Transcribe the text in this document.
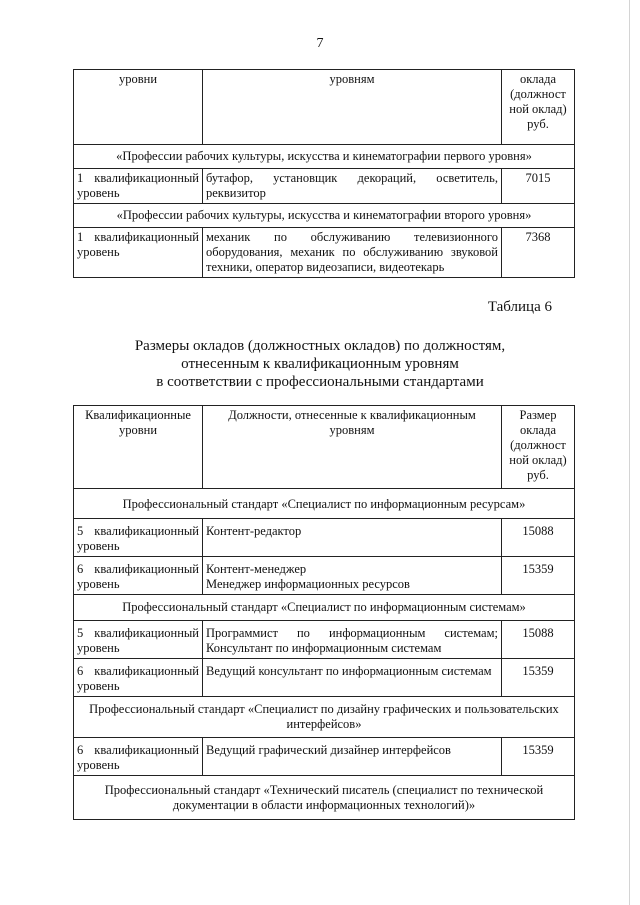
7
уровни	уровням	оклада
(должност
ной оклад)
руб.

«Профессии рабочих культуры, искусства и кинематографии первого уровня»		

1 квалификационный
уровень	бутафор, установщик декораций, осветитель, реквизитор	7015
«Профессии рабочих культуры, искусства и кинематографии второго уровня»		

1 квалификационный
уровень	механик по обслуживанию телевизионного оборудования, механик по обслуживанию звуковой техники, оператор видеозаписи, видеотекарь	7368
Таблица 6
Размеры окладов (должностных окладов) по должностям,
отнесенным к квалификационным уровням
в соответствии с профессиональными стандартами
Квалификационные
уровни	Должности, отнесенные к квалификационным
уровням	Размер
оклада
(должност
ной оклад)
руб.

Профессиональный стандарт «Специалист по информационным ресурсам»		

5 квалификационный
уровень	Контент-редактор	15088

6 квалификационный
уровень	Контент-менеджер
Менеджер информационных ресурсов	15359
Профессиональный стандарт «Специалист по информационным системам»		

5 квалификационный
уровень	Программист по информационным системам; Консультант по информационным системам	15088

6 квалификационный
уровень	Ведущий консультант по информационным системам	15359
Профессиональный стандарт «Специалист по дизайну графических и пользовательских интерфейсов»		

6 квалификационный
уровень	Ведущий графический дизайнер интерфейсов	15359
Профессиональный стандарт «Технический писатель (специалист по технической документации в области информационных технологий)»		
